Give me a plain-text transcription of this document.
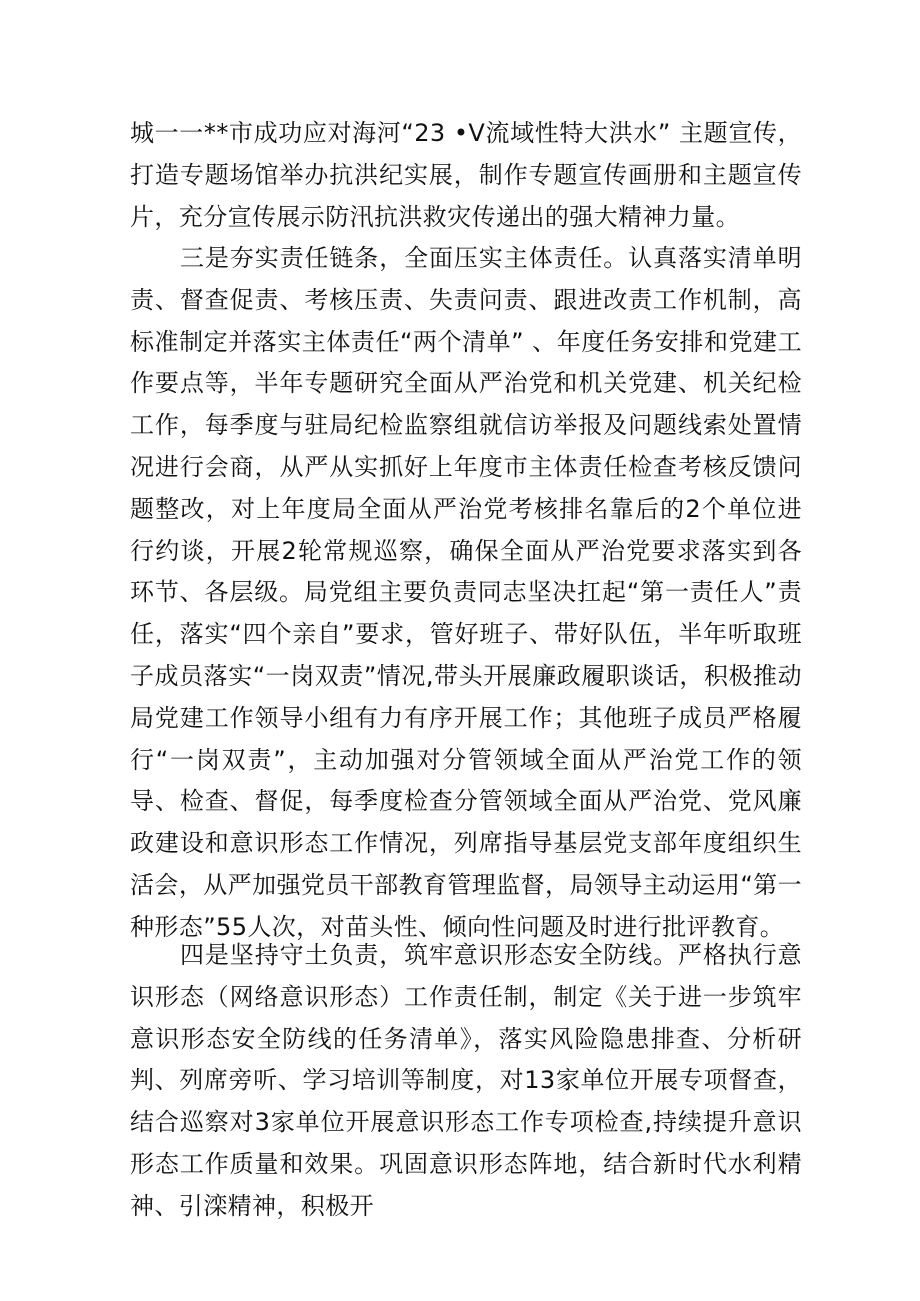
城一一**市成功应对海河“23 •V流域性特大洪水” 主题宣传，打造专题场馆举办抗洪纪实展，制作专题宣传画册和主题宣传片，充分宣传展示防汛抗洪救灾传递出的强大精神力量。

三是夯实责任链条，全面压实主体责任。认真落实清单明责、督查促责、考核压责、失责问责、跟进改责工作机制，高标准制定并落实主体责任“两个清单” 、年度任务安排和党建工作要点等，半年专题研究全面从严治党和机关党建、机关纪检工作，每季度与驻局纪检监察组就信访举报及问题线索处置情况进行会商，从严从实抓好上年度市主体责任检查考核反馈问题整改，对上年度局全面从严治党考核排名靠后的2个单位进行约谈，开展2轮常规巡察，确保全面从严治党要求落实到各环节、各层级。局党组主要负责同志坚决扛起“第一责任人”责任，落实“四个亲自”要求，管好班子、带好队伍，半年听取班子成员落实“一岗双责”情况,带头开展廉政履职谈话，积极推动局党建工作领导小组有力有序开展工作；其他班子成员严格履行“一岗双责”，主动加强对分管领域全面从严治党工作的领导、检查、督促，每季度检查分管领域全面从严治党、党风廉政建设和意识形态工作情况，列席指导基层党支部年度组织生活会，从严加强党员干部教育管理监督，局领导主动运用“第一种形态”55人次，对苗头性、倾向性问题及时进行批评教育。

四是坚持守土负责，筑牢意识形态安全防线。严格执行意识形态（网络意识形态）工作责任制，制定《关于进一步筑牢意识形态安全防线的任务清单》，落实风险隐患排查、分析研判、列席旁听、学习培训等制度，对13家单位开展专项督查，结合巡察对3家单位开展意识形态工作专项检查,持续提升意识形态工作质量和效果。巩固意识形态阵地，结合新时代水利精神、引滦精神，积极开
